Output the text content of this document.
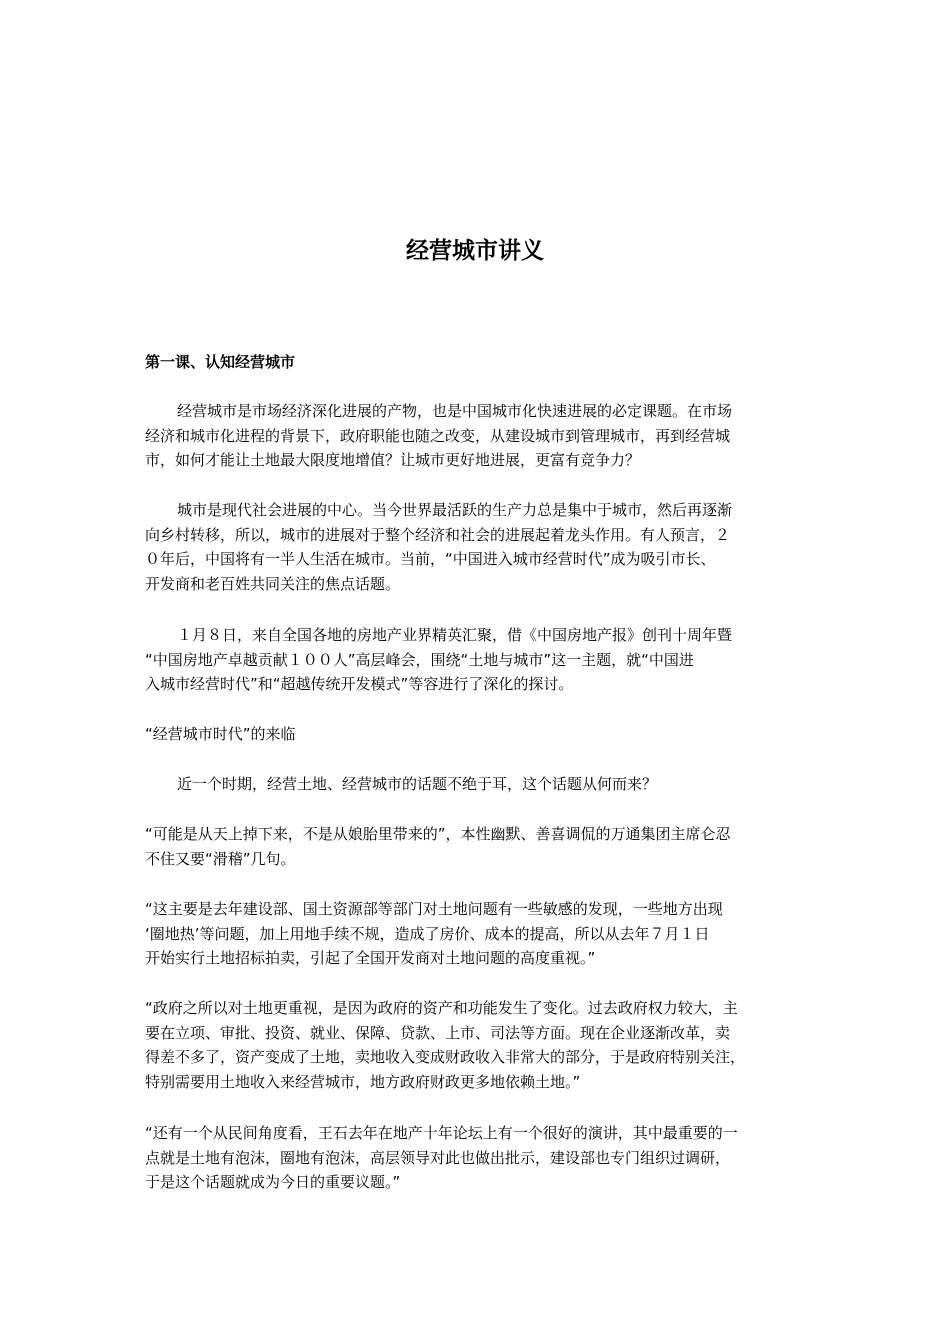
经营城市讲义
第一课、认知经营城市

经营城市是市场经济深化进展的产物，也是中国城市化快速进展的必定课题。在市场
经济和城市化进程的背景下，政府职能也随之改变，从建设城市到管理城市，再到经营城
市，如何才能让土地最大限度地增值？让城市更好地进展，更富有竞争力？

城市是现代社会进展的中心。当今世界最活跃的生产力总是集中于城市，然后再逐渐
向乡村转移，所以，城市的进展对于整个经济和社会的进展起着龙头作用。有人预言，２
０年后，中国将有一半人生活在城市。当前，“中国进入城市经营时代”成为吸引市长、
开发商和老百姓共同关注的焦点话题。

１月８日，来自全国各地的房地产业界精英汇聚，借《中国房地产报》创刊十周年暨
“中国房地产卓越贡献１００人”高层峰会，围绕“土地与城市”这一主题，就“中国进
入城市经营时代”和“超越传统开发模式”等容进行了深化的探讨。

“经营城市时代”的来临

近一个时期，经营土地、经营城市的话题不绝于耳，这个话题从何而来？

“可能是从天上掉下来，不是从娘胎里带来的”，本性幽默、善喜调侃的万通集团主席仑忍
不住又要“滑稽”几句。

“这主要是去年建设部、国土资源部等部门对土地问题有一些敏感的发现，一些地方出现
‘圈地热’等问题，加上用地手续不规，造成了房价、成本的提高，所以从去年７月１日
开始实行土地招标拍卖，引起了全国开发商对土地问题的高度重视。”

“政府之所以对土地更重视，是因为政府的资产和功能发生了变化。过去政府权力较大，主
要在立项、审批、投资、就业、保障、贷款、上市、司法等方面。现在企业逐渐改革，卖
得差不多了，资产变成了土地，卖地收入变成财政收入非常大的部分，于是政府特别关注，
特别需要用土地收入来经营城市，地方政府财政更多地依赖土地。”

“还有一个从民间角度看，王石去年在地产十年论坛上有一个很好的演讲，其中最重要的一
点就是土地有泡沫，圈地有泡沫，高层领导对此也做出批示，建设部也专门组织过调研，
于是这个话题就成为今日的重要议题。”
